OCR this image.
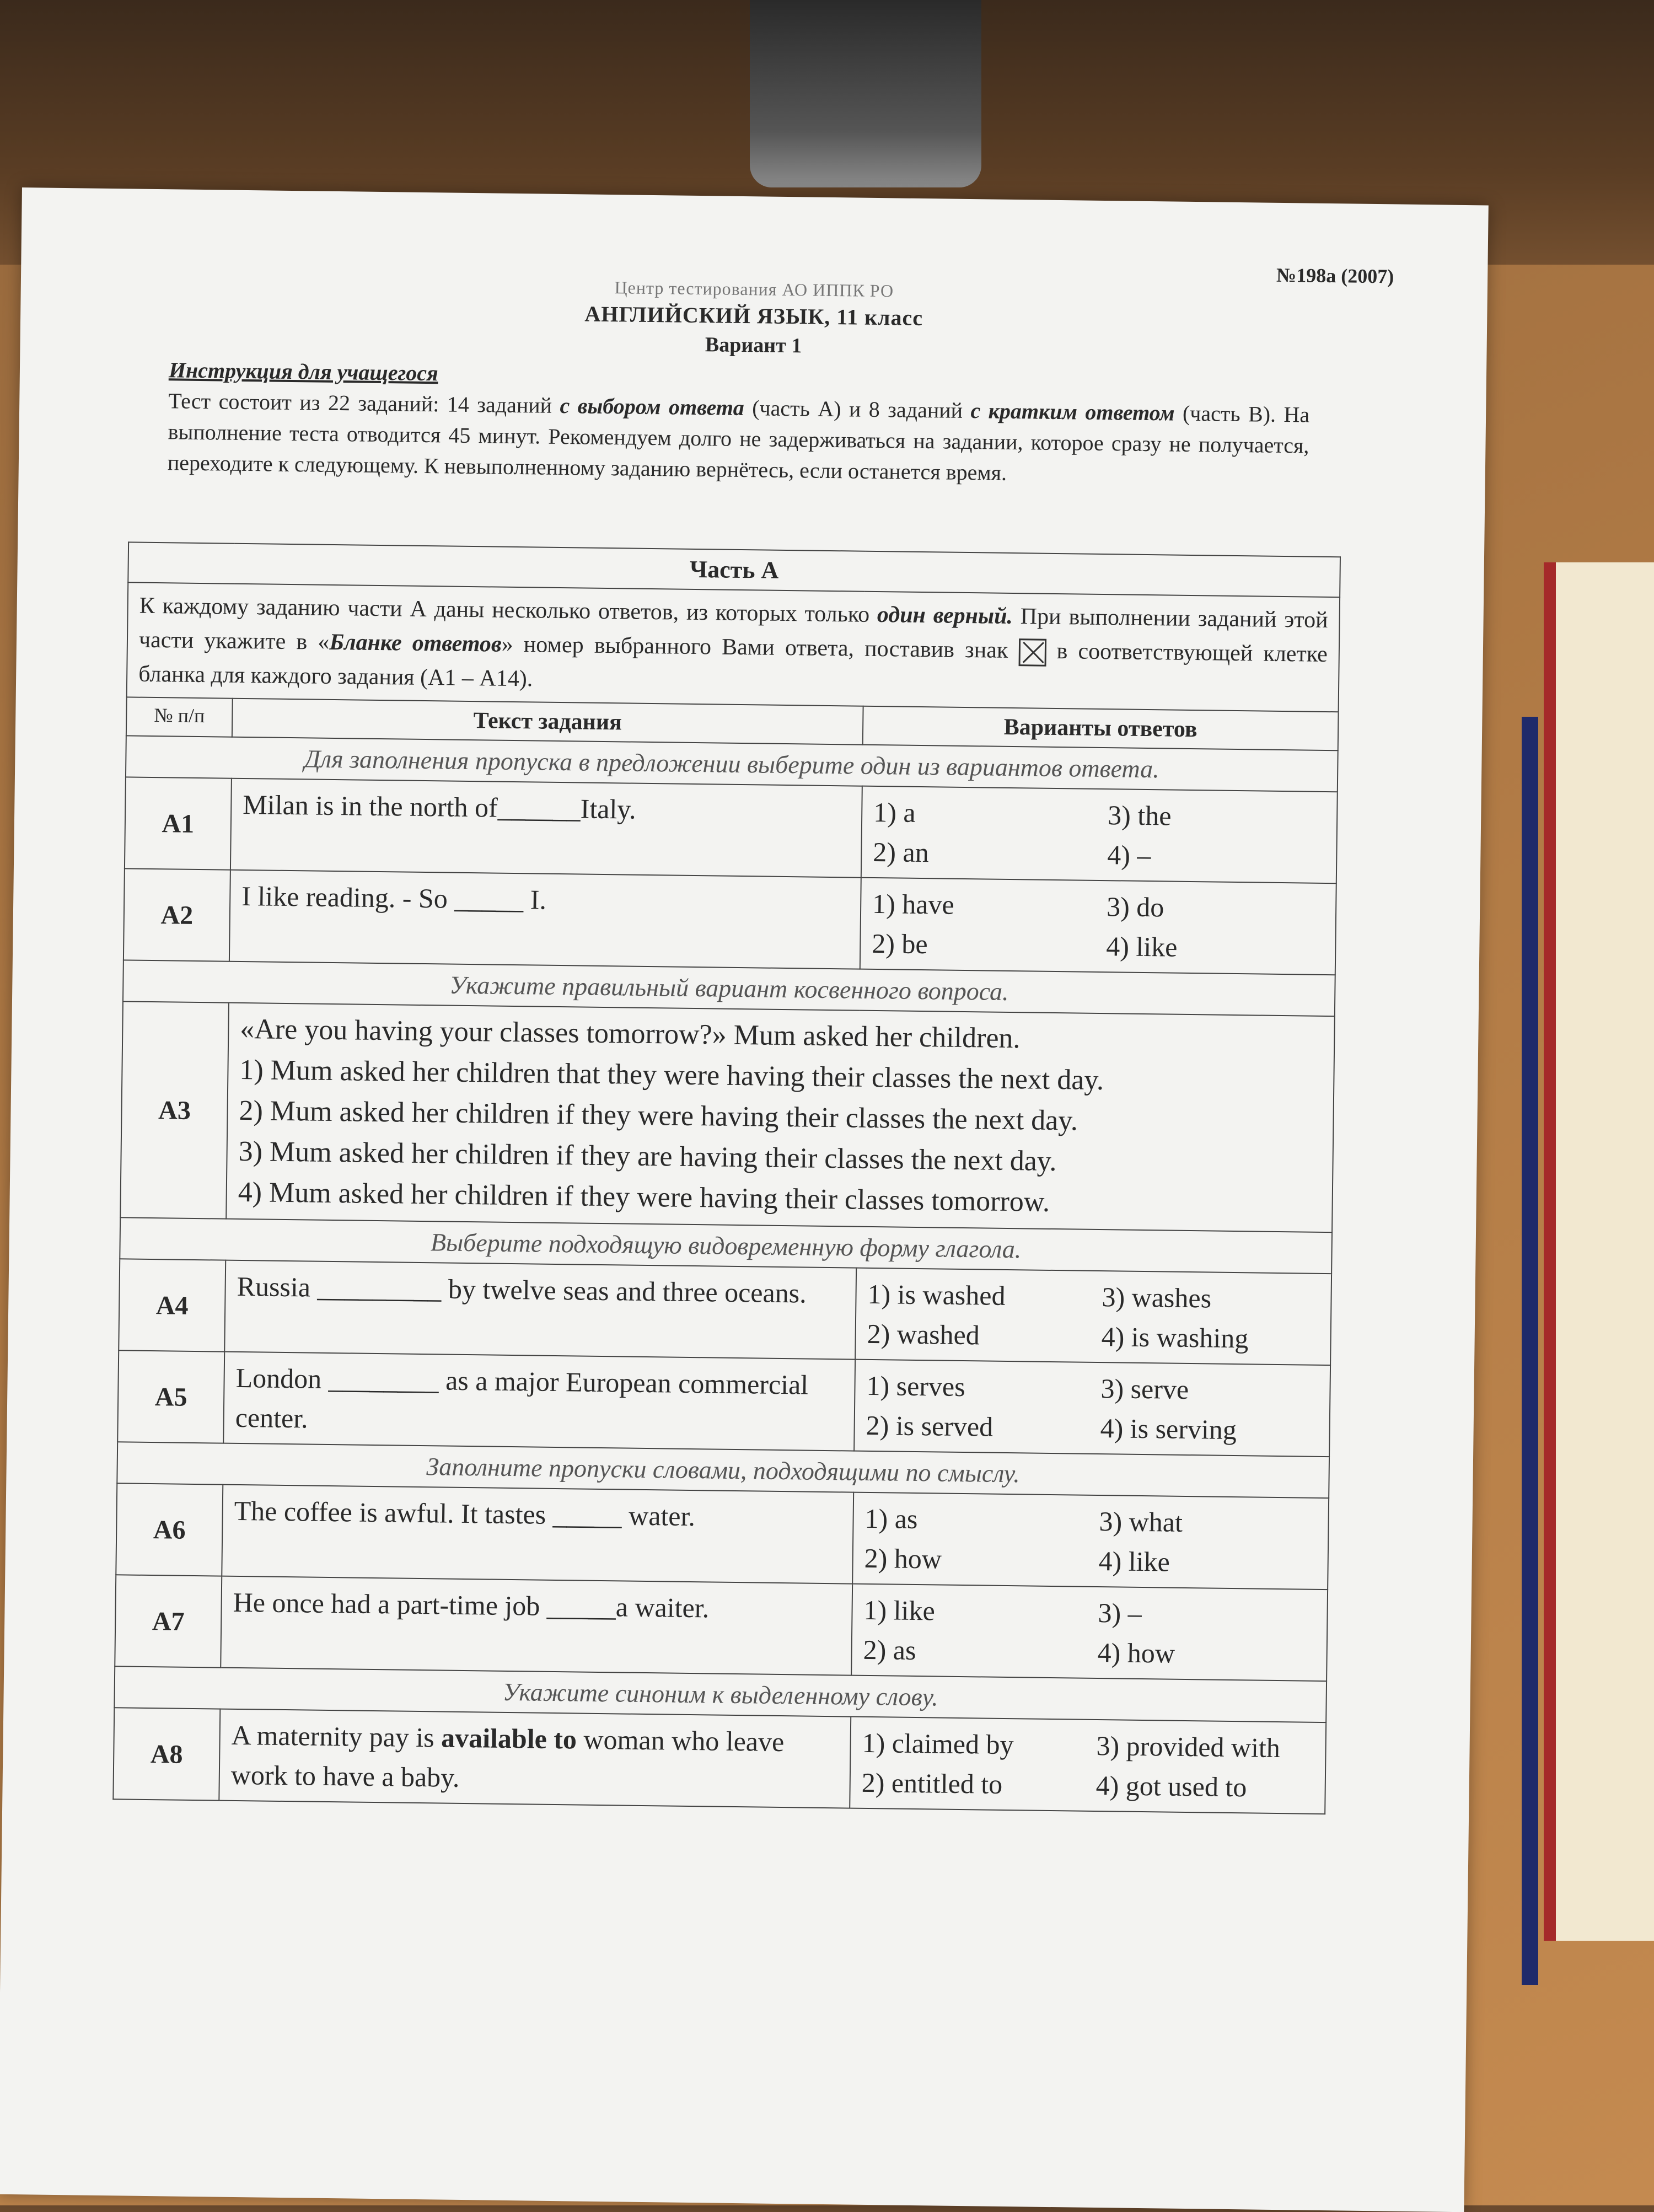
№198а (2007)
Центр тестирования АО ИППК РО
АНГЛИЙСКИЙ ЯЗЫК, 11 класс
Вариант 1
Инструкция для учащегося
Тест состоит из 22 заданий: 14 заданий с выбором ответа (часть А) и 8 заданий с кратким ответом (часть В). На выполнение теста отводится 45 минут. Рекомендуем долго не задерживаться на задании, которое сразу не получается, переходите к следующему. К невыполненному заданию вернётесь, если останется время.
Часть А		
К каждому заданию части А даны несколько ответов, из которых только один верный. При выполнении заданий этой части укажите в «Бланке ответов» номер выбранного Вами ответа, поставив знак  в соответствующей клетке бланка для каждого задания (А1 – А14).		
№ п/п	Текст задания	Варианты ответов
Для заполнения пропуска в предложении выберите один из вариантов ответа.		
А1	Milan is in the north of______Italy.	1) a 3) the
2) an 4) –

А2	I like reading. - So _____ I.	1) have 3) do
2) be 4) like

Укажите правильный вариант косвенного вопроса.		
А3	«Are you having your classes tomorrow?» Mum asked her children.
1) Mum asked her children that they were having their classes the next day.
2) Mum asked her children if they were having their classes the next day.
3) Mum asked her children if they are having their classes the next day.
4) Mum asked her children if they were having their classes tomorrow.	

Выберите подходящую видовременную форму глагола.		
А4	Russia _________ by twelve seas and three oceans.	1) is washed 3) washes
2) washed 4) is washing

А5	London ________ as a major European commercial center.	1) serves 3) serve
2) is served 4) is serving

Заполните пропуски словами, подходящими по смыслу.		
А6	The coffee is awful. It tastes _____ water.	1) as 3) what
2) how 4) like

А7	He once had a part-time job _____a waiter.	1) like 3) –
2) as 4) how

Укажите синоним к выделенному слову.		
А8	A maternity pay is available to woman who leave work to have a baby.	1) claimed by 3) provided with
2) entitled to 4) got used to
